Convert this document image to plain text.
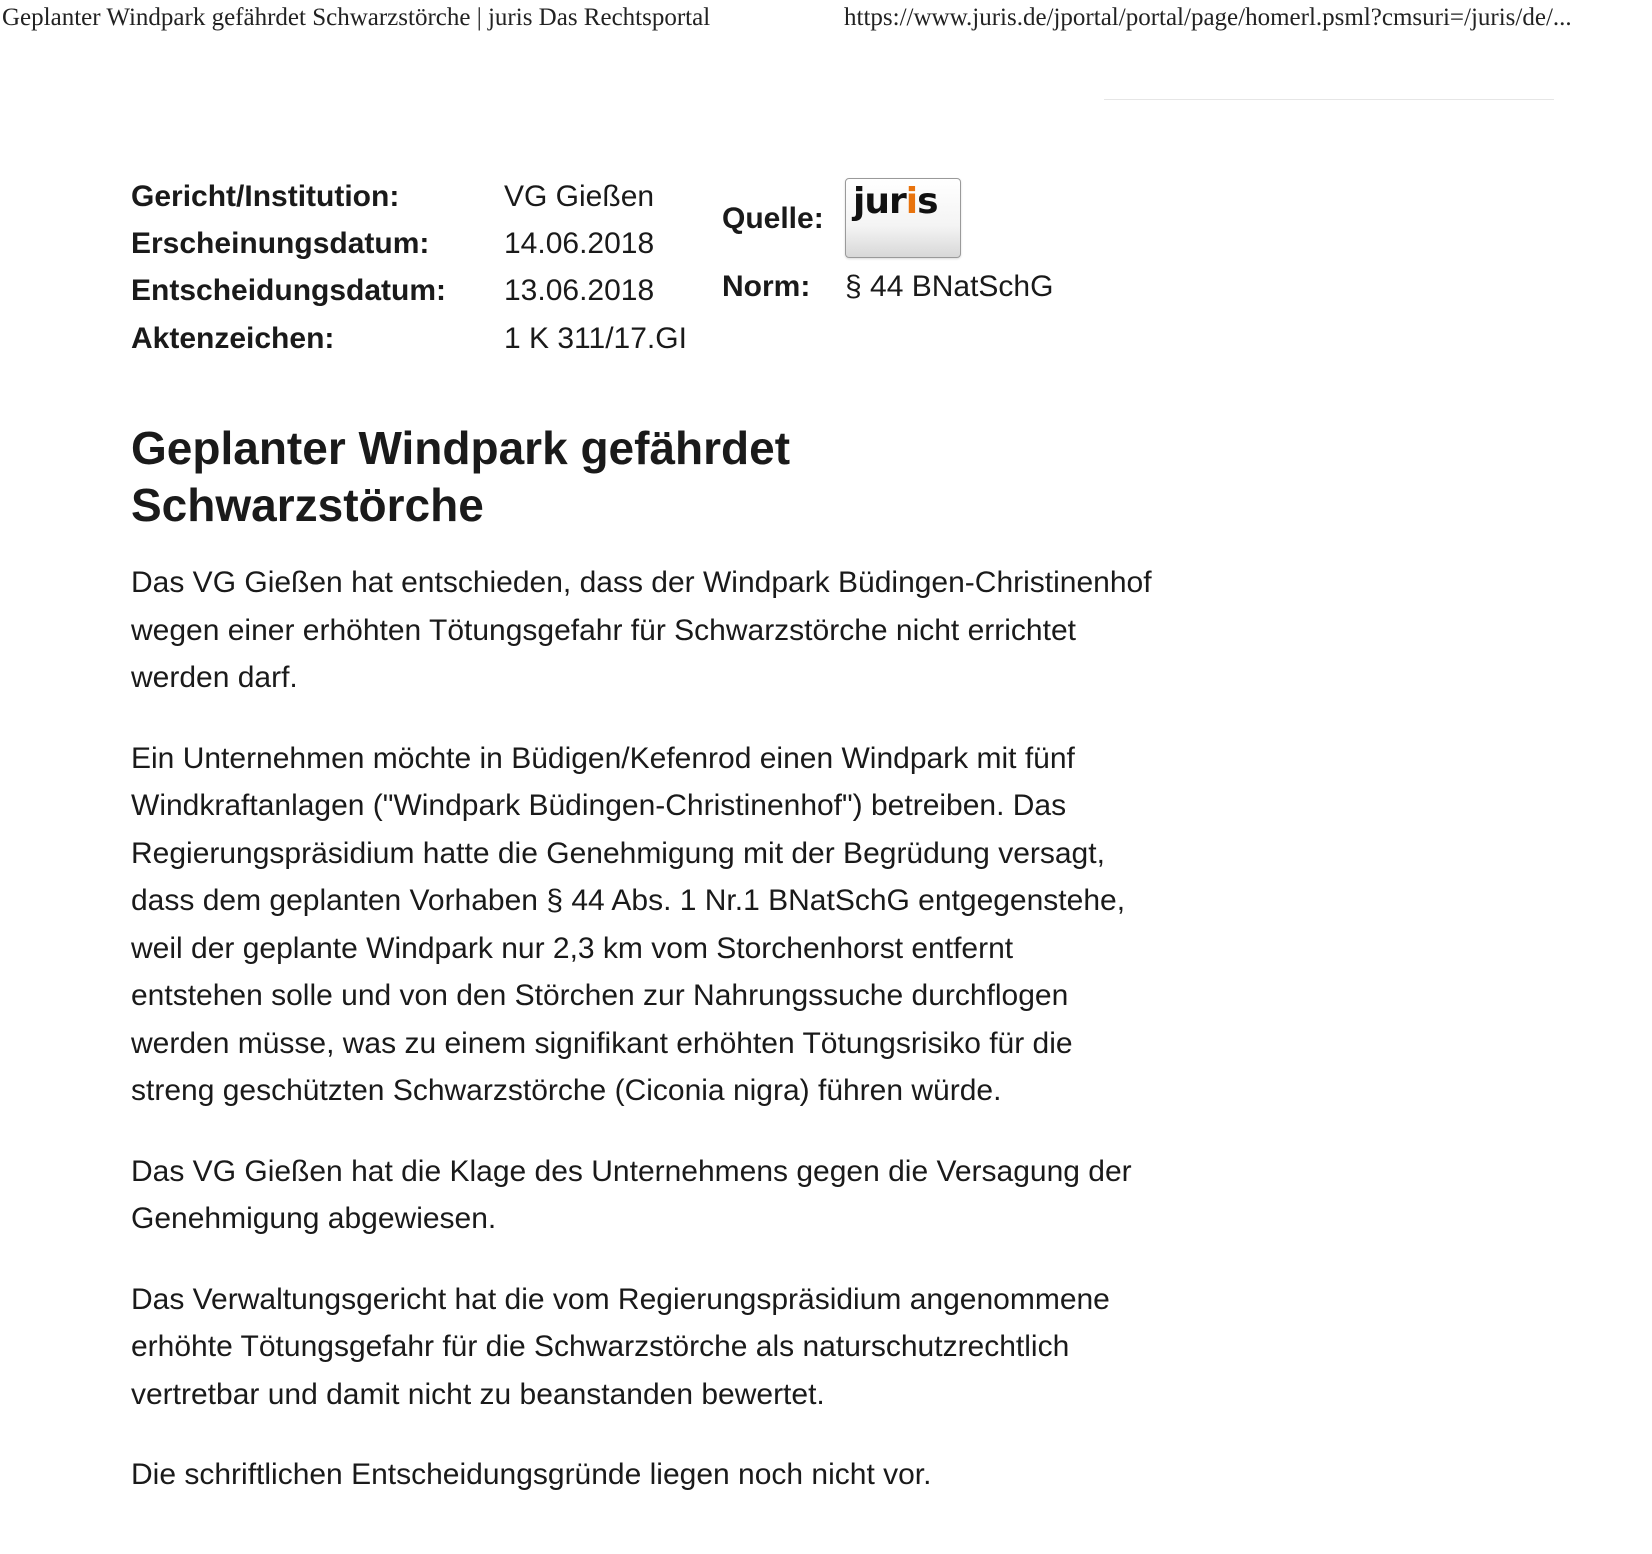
Geplanter Windpark gefährdet Schwarzstörche | juris Das Rechtsportal	https://www.juris.de/jportal/portal/page/homerl.psml?cmsuri=/juris/de/...
Gericht/Institution:	VG Gießen
Erscheinungsdatum: 14.06.2018
Entscheidungsdatum: 13.06.2018
Aktenzeichen:	1 K 311/17.GI
Quelle: juris
Norm: § 44 BNatSchG
Geplanter Windpark gefährdet
Schwarzstörche

Das VG Gießen hat entschieden, dass der Windpark Büdingen-Christinenhof
wegen einer erhöhten Tötungsgefahr für Schwarzstörche nicht errichtet
werden darf.

Ein Unternehmen möchte in Büdigen/Kefenrod einen Windpark mit fünf
Windkraftanlagen ("Windpark Büdingen-Christinenhof") betreiben. Das
Regierungspräsidium hatte die Genehmigung mit der Begrüdung versagt,
dass dem geplanten Vorhaben § 44 Abs. 1 Nr.1 BNatSchG entgegenstehe,
weil der geplante Windpark nur 2,3 km vom Storchenhorst entfernt
entstehen solle und von den Störchen zur Nahrungssuche durchflogen
werden müsse, was zu einem signifikant erhöhten Tötungsrisiko für die
streng geschützten Schwarzstörche (Ciconia nigra) führen würde.

Das VG Gießen hat die Klage des Unternehmens gegen die Versagung der
Genehmigung abgewiesen.

Das Verwaltungsgericht hat die vom Regierungspräsidium angenommene
erhöhte Tötungsgefahr für die Schwarzstörche als naturschutzrechtlich
vertretbar und damit nicht zu beanstanden bewertet.

Die schriftlichen Entscheidungsgründe liegen noch nicht vor.
